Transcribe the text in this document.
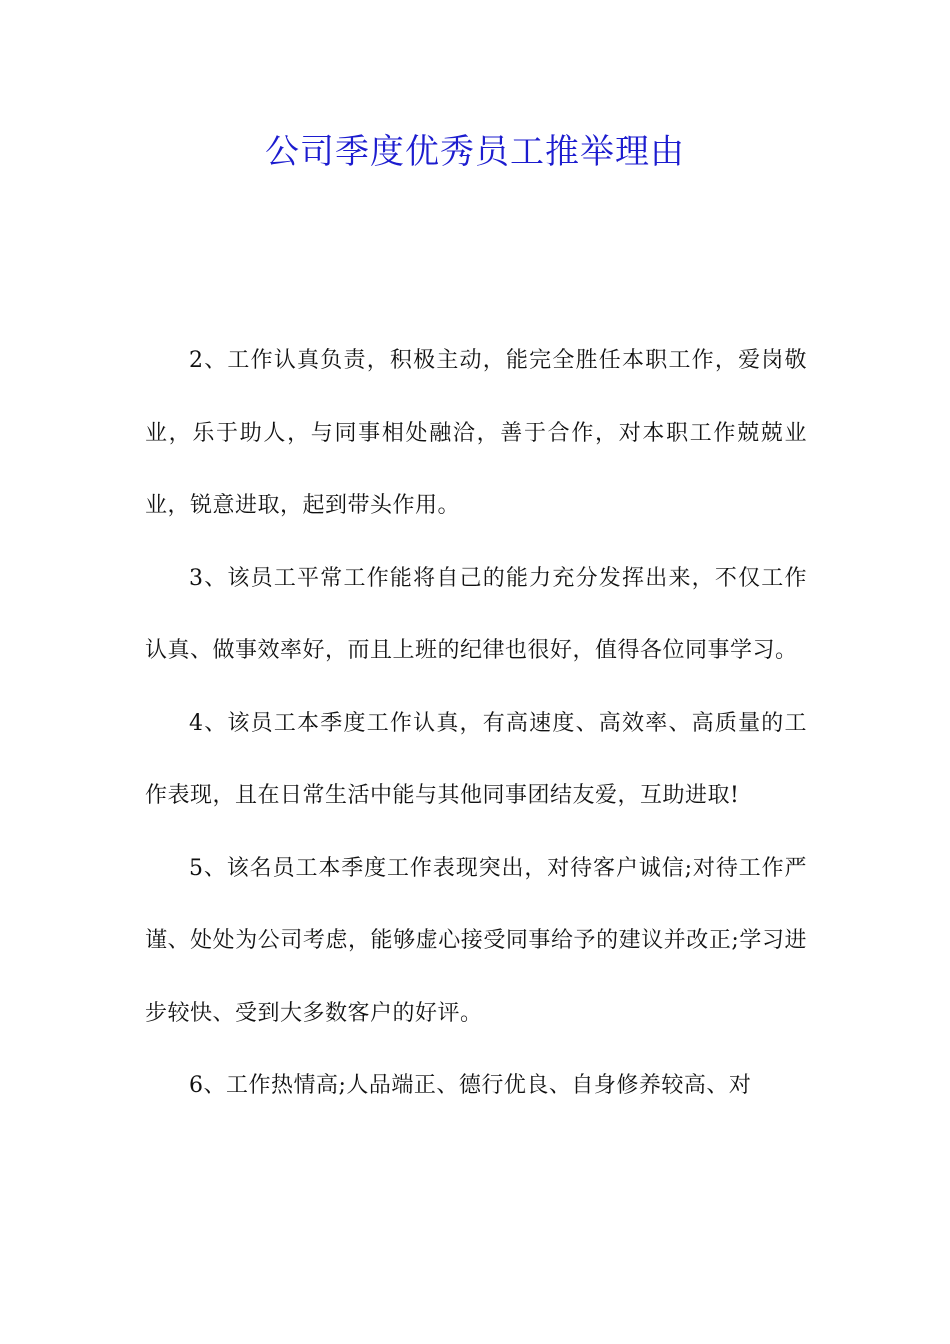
公司季度优秀员工推举理由

2、工作认真负责，积极主动，能完全胜任本职工作，爱岗敬业，乐于助人，与同事相处融洽，善于合作，对本职工作兢兢业业，锐意进取，起到带头作用。

3、该员工平常工作能将自己的能力充分发挥出来，不仅工作认真、做事效率好，而且上班的纪律也很好，值得各位同事学习。

4、该员工本季度工作认真，有高速度、高效率、高质量的工作表现，且在日常生活中能与其他同事团结友爱，互助进取!

5、该名员工本季度工作表现突出，对待客户诚信;对待工作严谨、处处为公司考虑，能够虚心接受同事给予的建议并改正;学习进步较快、受到大多数客户的好评。

6、工作热情高;人品端正、德行优良、自身修养较高、对
